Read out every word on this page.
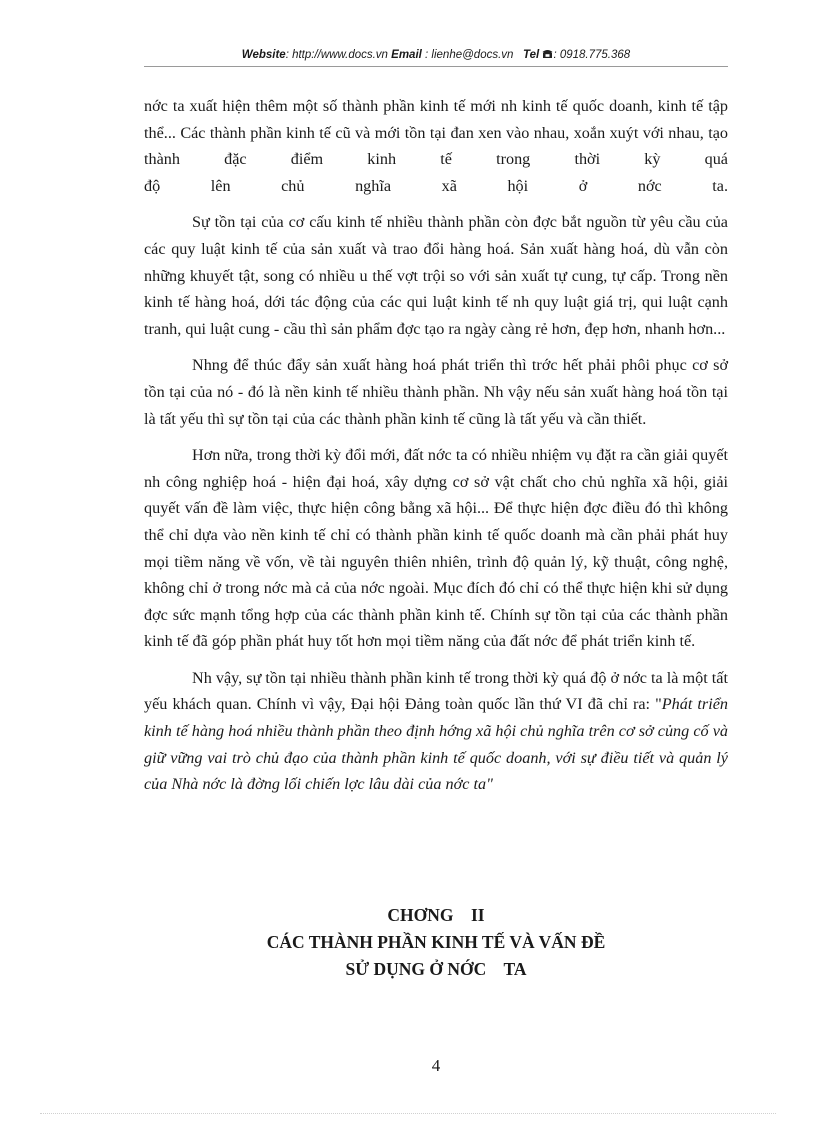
Website: http://www.docs.vn Email : lienhe@docs.vn Tel : 0918.775.368

nớc ta xuất hiện thêm một số thành phần kinh tế mới nh kinh tế quốc doanh, kinh tế tập thể... Các thành phần kinh tế cũ và mới tồn tại đan xen vào nhau, xoắn xuýt với nhau, tạo thành đặc điểm kinh tế trong thời kỳ quá
độ lên chủ nghĩa xã hội ở nớc ta.

Sự tồn tại của cơ cấu kinh tế nhiều thành phần còn đợc bắt nguồn từ yêu cầu của các quy luật kinh tế của sản xuất và trao đổi hàng hoá. Sản xuất hàng hoá, dù vẫn còn những khuyết tật, song có nhiều u thế vợt trội so với sản xuất tự cung, tự cấp. Trong nền kinh tế hàng hoá, dới tác động của các qui luật kinh tế nh quy luật giá trị, qui luật cạnh tranh, qui luật cung - cầu thì sản phẩm đợc tạo ra ngày càng rẻ hơn, đẹp hơn, nhanh hơn...

Nhng để thúc đẩy sản xuất hàng hoá phát triển thì trớc hết phải phôi phục cơ sở tồn tại của nó - đó là nền kinh tế nhiều thành phần. Nh vậy nếu sản xuất hàng hoá tồn tại là tất yếu thì sự tồn tại của các thành phần kinh tế cũng là tất yếu và cần thiết.

Hơn nữa, trong thời kỳ đổi mới, đất nớc ta có nhiều nhiệm vụ đặt ra cần giải quyết nh công nghiệp hoá - hiện đại hoá, xây dựng cơ sở vật chất cho chủ nghĩa xã hội, giải quyết vấn đề làm việc, thực hiện công bằng xã hội... Để thực hiện đợc điều đó thì không thể chỉ dựa vào nền kinh tế chỉ có thành phần kinh tế quốc doanh mà cần phải phát huy mọi tiềm năng về vốn, về tài nguyên thiên nhiên, trình độ quản lý, kỹ thuật, công nghệ, không chỉ ở trong nớc mà cả của nớc ngoài. Mục đích đó chỉ có thể thực hiện khi sử dụng đợc sức mạnh tổng hợp của các thành phần kinh tế. Chính sự tồn tại của các thành phần kinh tế đã góp phần phát huy tốt hơn mọi tiềm năng của đất nớc để phát triển kinh tế.

Nh vậy, sự tồn tại nhiều thành phần kinh tế trong thời kỳ quá độ ở nớc ta là một tất yếu khách quan. Chính vì vậy, Đại hội Đảng toàn quốc lần thứ VI đã chỉ ra: "Phát triển kinh tế hàng hoá nhiều thành phần theo định hớng xã hội chủ nghĩa trên cơ sở củng cố và giữ vững vai trò chủ đạo của thành phần kinh tế quốc doanh, với sự điều tiết và quản lý của Nhà nớc là đờng lối chiến lợc lâu dài của nớc ta"

CHƠNG    II
CÁC THÀNH PHẦN KINH TẾ VÀ VẤN ĐỀ
SỬ DỤNG Ở NỚC    TA
4
